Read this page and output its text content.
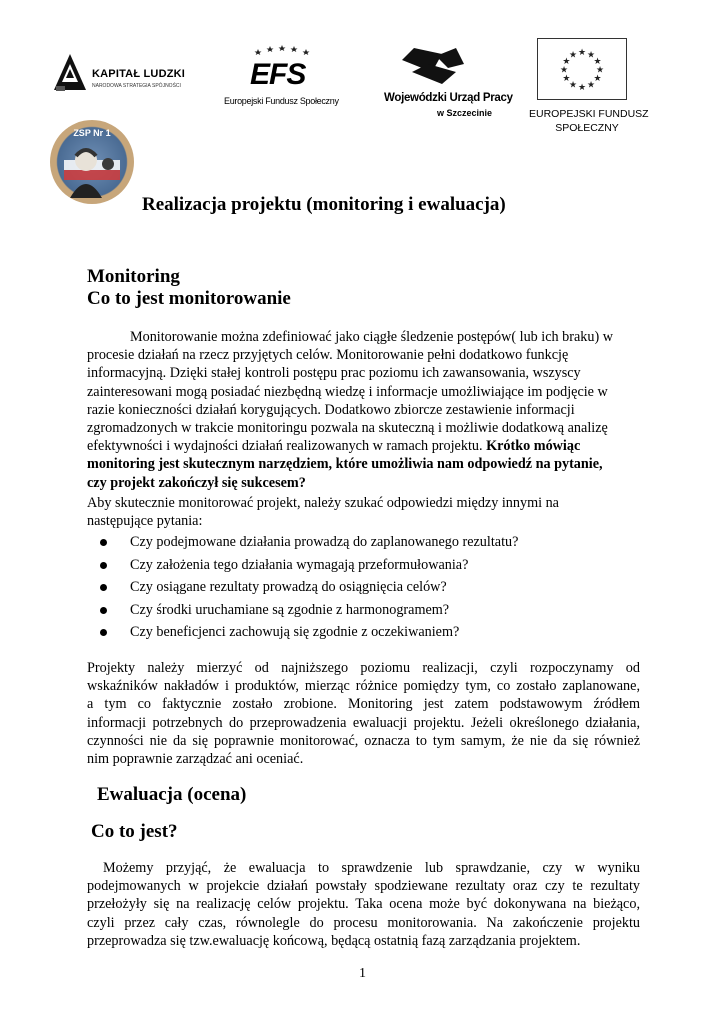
KAPITAŁ LUDZKI
NARODOWA STRATEGIA SPÓJNOŚCI EFS
Europejski Fundusz Społeczny	Wojewódzki Urząd Pracy
w Szczecinie
★ ★
★
★
★
★
★
★
★
★
★
★
EUROPEJSKI FUNDUSZ
SPOŁECZNY
ZSP Nr 1
Realizacja projektu (monitoring i ewaluacja)
Monitoring
Co to jest monitorowanie
Monitorowanie można zdefiniować jako ciągłe śledzenie postępów( lub ich braku) w
procesie działań na rzecz przyjętych celów. Monitorowanie pełni dodatkowo funkcję
informacyjną. Dzięki stałej kontroli postępu prac poziomu ich zawansowania, wszyscy
zainteresowani mogą posiadać niezbędną wiedzę i informacje umożliwiające im podjęcie w
razie konieczności działań korygujących. Dodatkowo zbiorcze zestawienie informacji
zgromadzonych w trakcie monitoringu pozwala na skuteczną i możliwie dodatkową analizę
efektywności i wydajności działań realizowanych w ramach projektu. Krótko mówiąc
monitoring jest skutecznym narzędziem, które umożliwia nam odpowiedź na pytanie,
czy projekt zakończył się sukcesem?
Aby skutecznie monitorować projekt, należy szukać odpowiedzi między innymi na
następujące pytania:
Czy podejmowane działania prowadzą do zaplanowanego rezultatu?
Czy założenia tego działania wymagają przeformułowania?
Czy osiągane rezultaty prowadzą do osiągnięcia celów?
Czy środki uruchamiane są zgodnie z harmonogramem?
Czy beneficjenci zachowują się zgodnie z oczekiwaniem?
Projekty należy mierzyć od najniższego poziomu realizacji, czyli rozpoczynamy od
wskaźników nakładów i produktów, mierząc różnice pomiędzy tym, co zostało zaplanowane,
a tym co faktycznie zostało zrobione. Monitoring jest zatem podstawowym źródłem
informacji potrzebnych do przeprowadzenia ewaluacji projektu. Jeżeli określonego działania,
czynności nie da się poprawnie monitorować, oznacza to tym samym, że nie da się również
nim poprawnie zarządzać ani oceniać.
Ewaluacja (ocena)
Co to jest?
Możemy przyjąć, że ewaluacja to sprawdzenie lub sprawdzanie, czy w wyniku
podejmowanych w projekcie działań powstały spodziewane rezultaty oraz czy te rezultaty
przełożyły się na realizację celów projektu. Taka ocena może być dokonywana na bieżąco,
czyli przez cały czas, równolegle do procesu monitorowania. Na zakończenie projektu
przeprowadza się tzw.ewaluację końcową, będącą ostatnią fazą zarządzania projektem.
1
